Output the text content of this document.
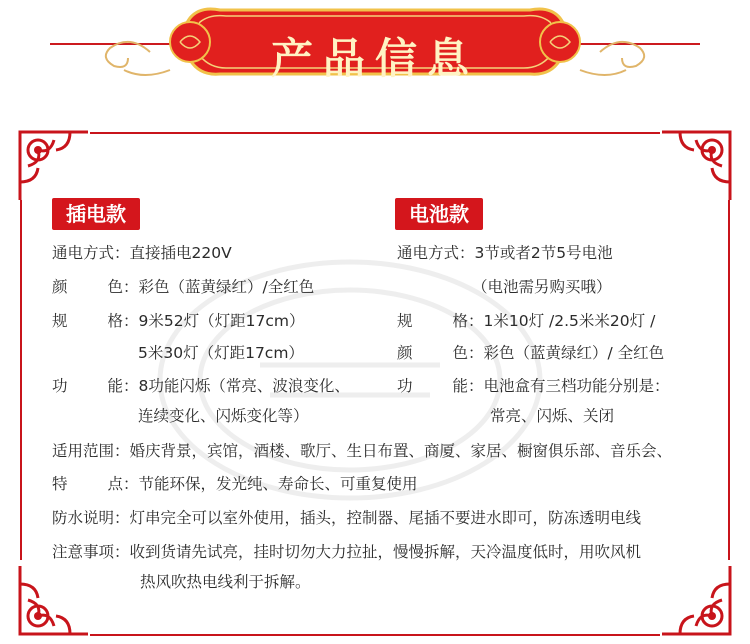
产品信息
插电款	电池款
通电方式：直接插电220V
颜	色：彩色（蓝黄绿红）/全红色
规	格：9米52灯（灯距17cm）
5米30灯（灯距17cm）
功	能：8功能闪烁（常亮、波浪变化、
连续变化、闪烁变化等）
通电方式：3节或者2节5号电池
（电池需另购买哦）
规	格：1米10灯 /2.5米米20灯 /
颜	色：彩色（蓝黄绿红）/ 全红色
功	能：电池盒有三档功能分别是：
常亮、闪烁、关闭
适用范围：婚庆背景，宾馆，酒楼、歌厅、生日布置、商厦、家居、橱窗俱乐部、音乐会、
特	点：节能环保，发光纯、寿命长、可重复使用
防水说明：灯串完全可以室外使用，插头，控制器、尾插不要进水即可，防冻透明电线
注意事项：收到货请先试亮，挂时切勿大力拉扯，慢慢拆解，天冷温度低时，用吹风机
热风吹热电线利于拆解。
